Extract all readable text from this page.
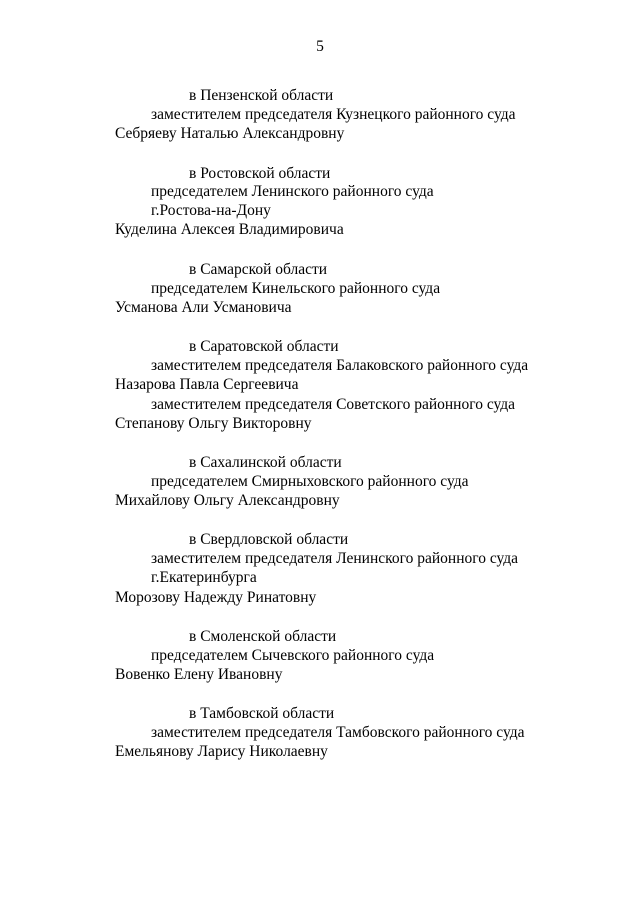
5
в Пензенской области
заместителем председателя Кузнецкого районного суда
Себряеву Наталью Александровну
в Ростовской области
председателем Ленинского районного суда
г.Ростова-на-Дону
Куделина Алексея Владимировича
в Самарской области
председателем Кинельского районного суда
Усманова Али Усмановича
в Саратовской области
заместителем председателя Балаковского районного суда
Назарова Павла Сергеевича
заместителем председателя Советского районного суда
Степанову Ольгу Викторовну
в Сахалинской области
председателем Смирныховского районного суда
Михайлову Ольгу Александровну
в Свердловской области
заместителем председателя Ленинского районного суда
г.Екатеринбурга
Морозову Надежду Ринатовну
в Смоленской области
председателем Сычевского районного суда
Вовенко Елену Ивановну
в Тамбовской области
заместителем председателя Тамбовского районного суда
Емельянову Ларису Николаевну
